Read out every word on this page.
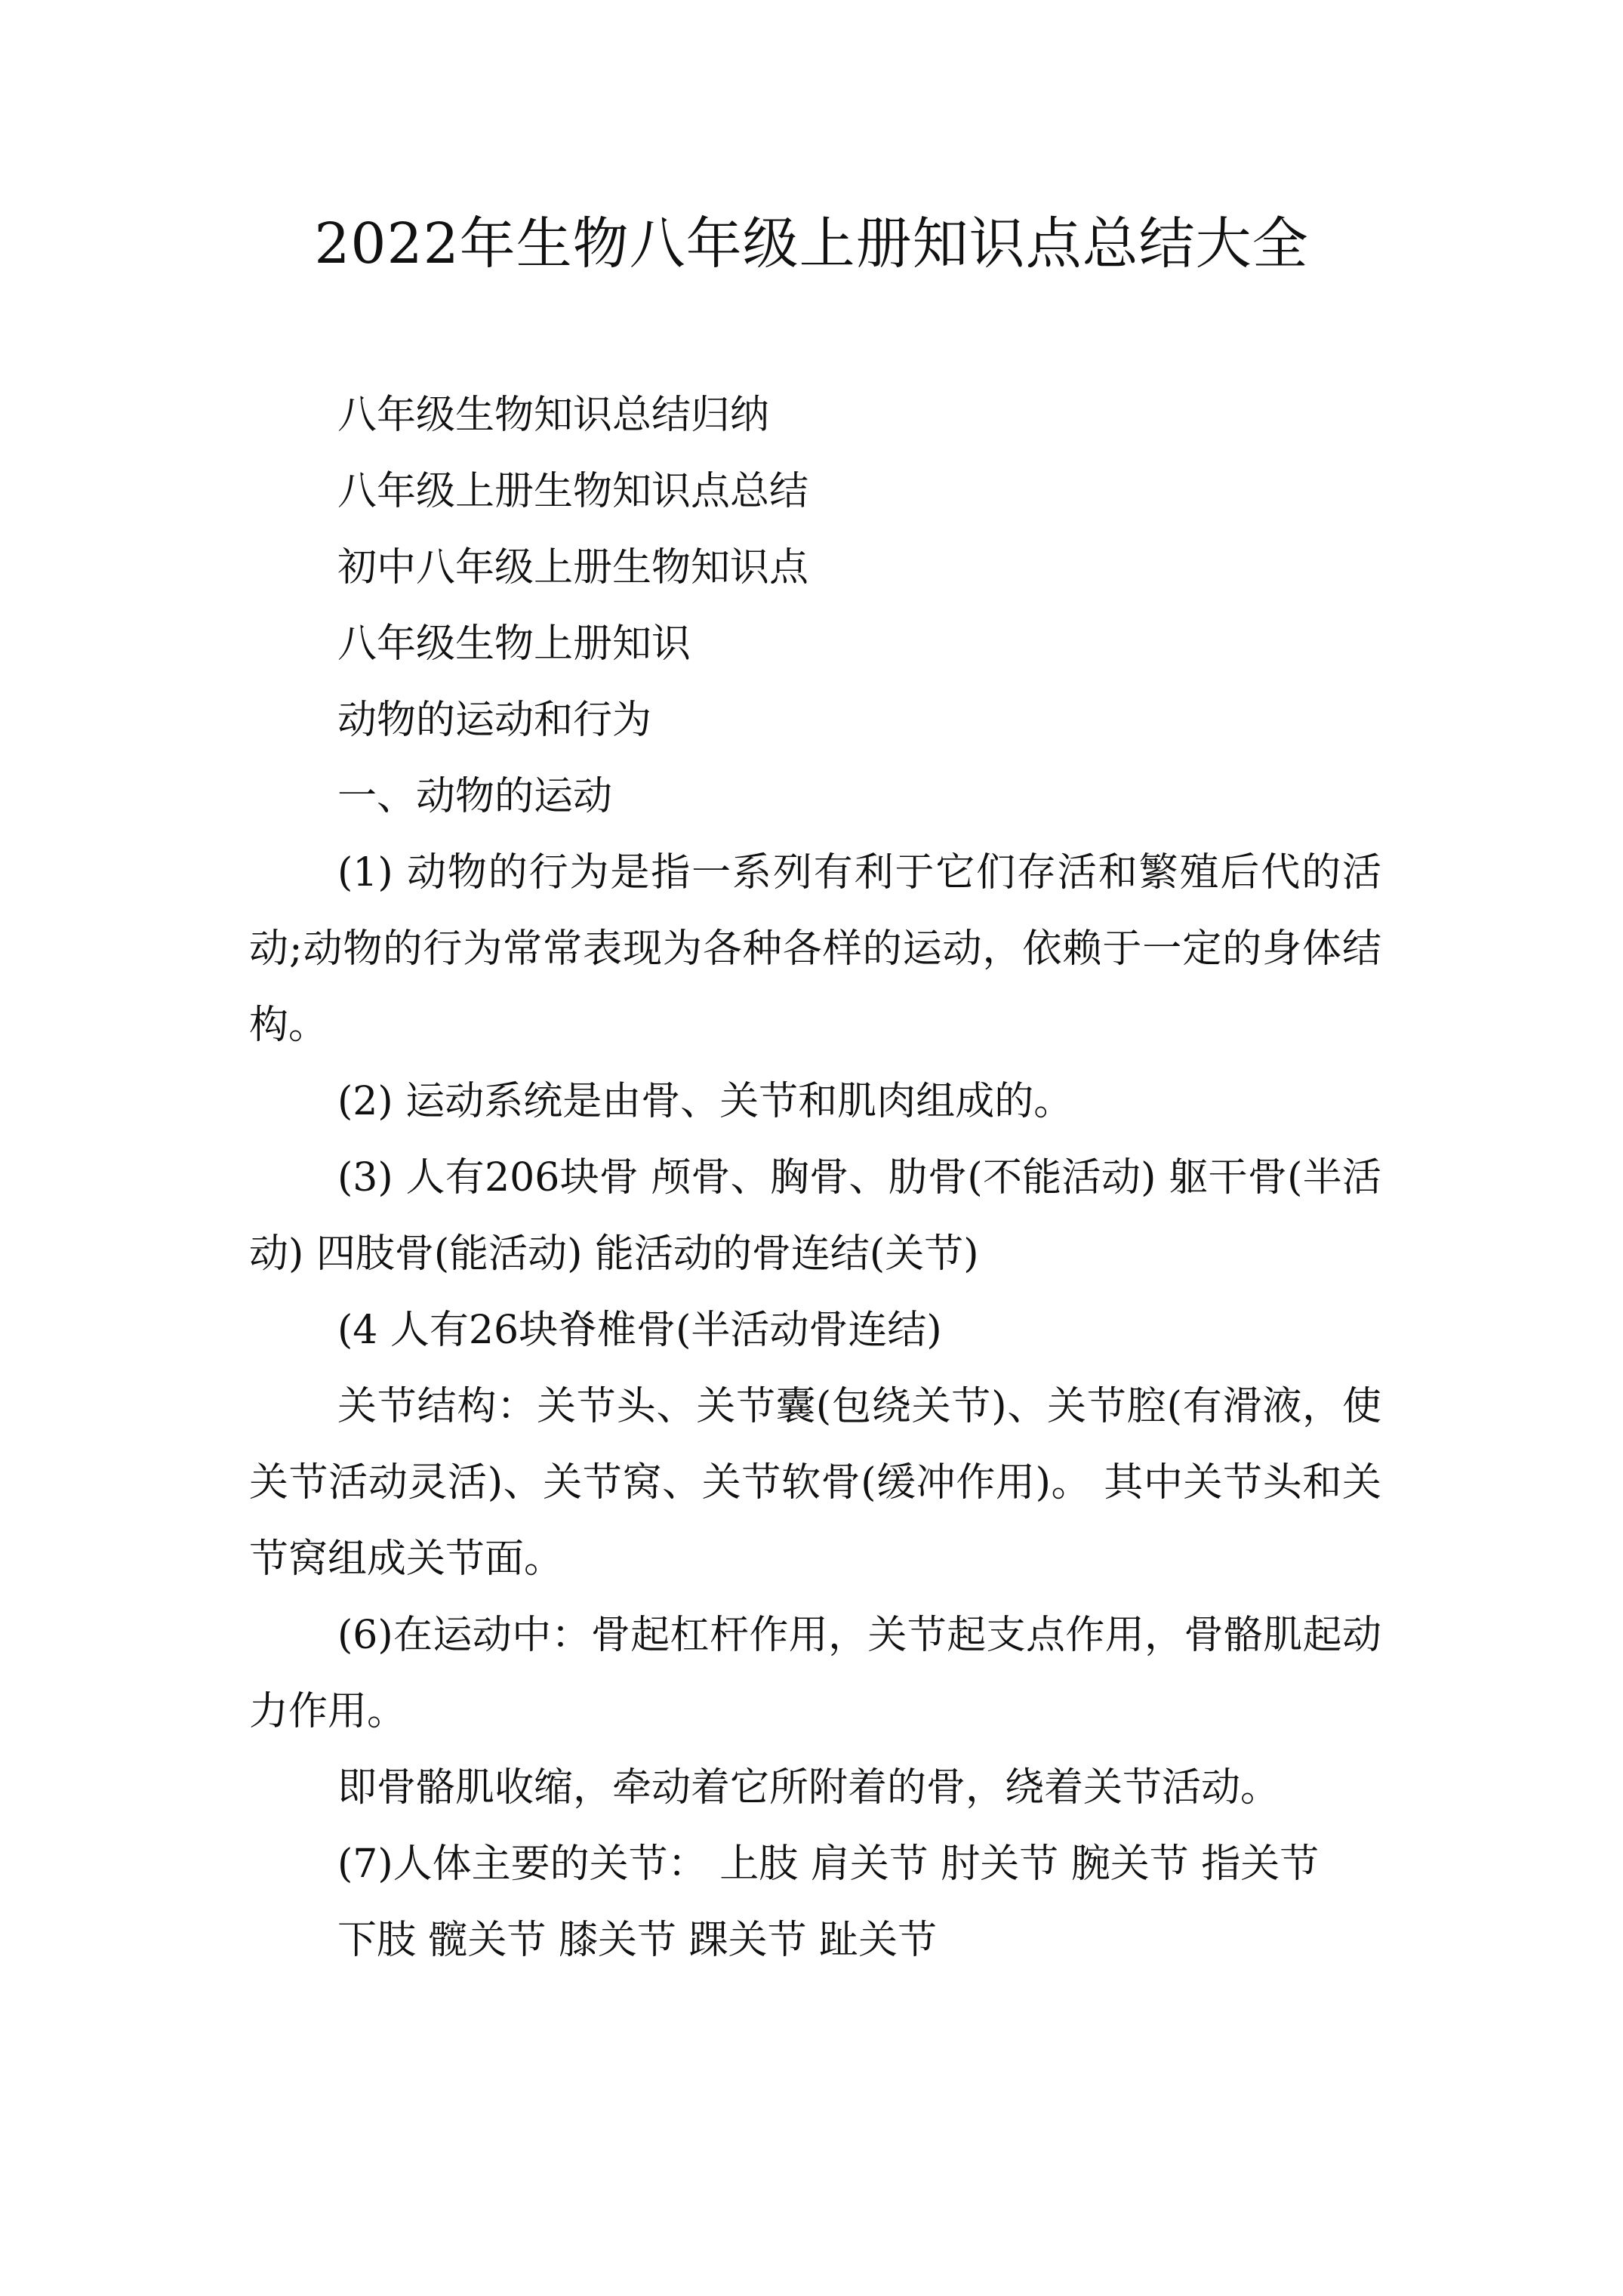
2022年生物八年级上册知识点总结大全

八年级生物知识总结归纳

八年级上册生物知识点总结

初中八年级上册生物知识点

八年级生物上册知识

动物的运动和行为

一、动物的运动

(1) 动物的行为是指一系列有利于它们存活和繁殖后代的活动;动物的行为常常表现为各种各样的运动，依赖于一定的身体结构。

(2) 运动系统是由骨、关节和肌肉组成的。

(3) 人有206块骨 颅骨、胸骨、肋骨(不能活动) 躯干骨(半活动) 四肢骨(能活动) 能活动的骨连结(关节)

(4 人有26块脊椎骨(半活动骨连结)

关节结构：关节头、关节囊(包绕关节)、关节腔(有滑液，使关节活动灵活)、关节窝、关节软骨(缓冲作用)。 其中关节头和关节窝组成关节面。

(6)在运动中：骨起杠杆作用，关节起支点作用，骨骼肌起动力作用。

即骨骼肌收缩，牵动着它所附着的骨，绕着关节活动。

(7)人体主要的关节： 上肢 肩关节 肘关节 腕关节 指关节

下肢 髋关节 膝关节 踝关节 趾关节
